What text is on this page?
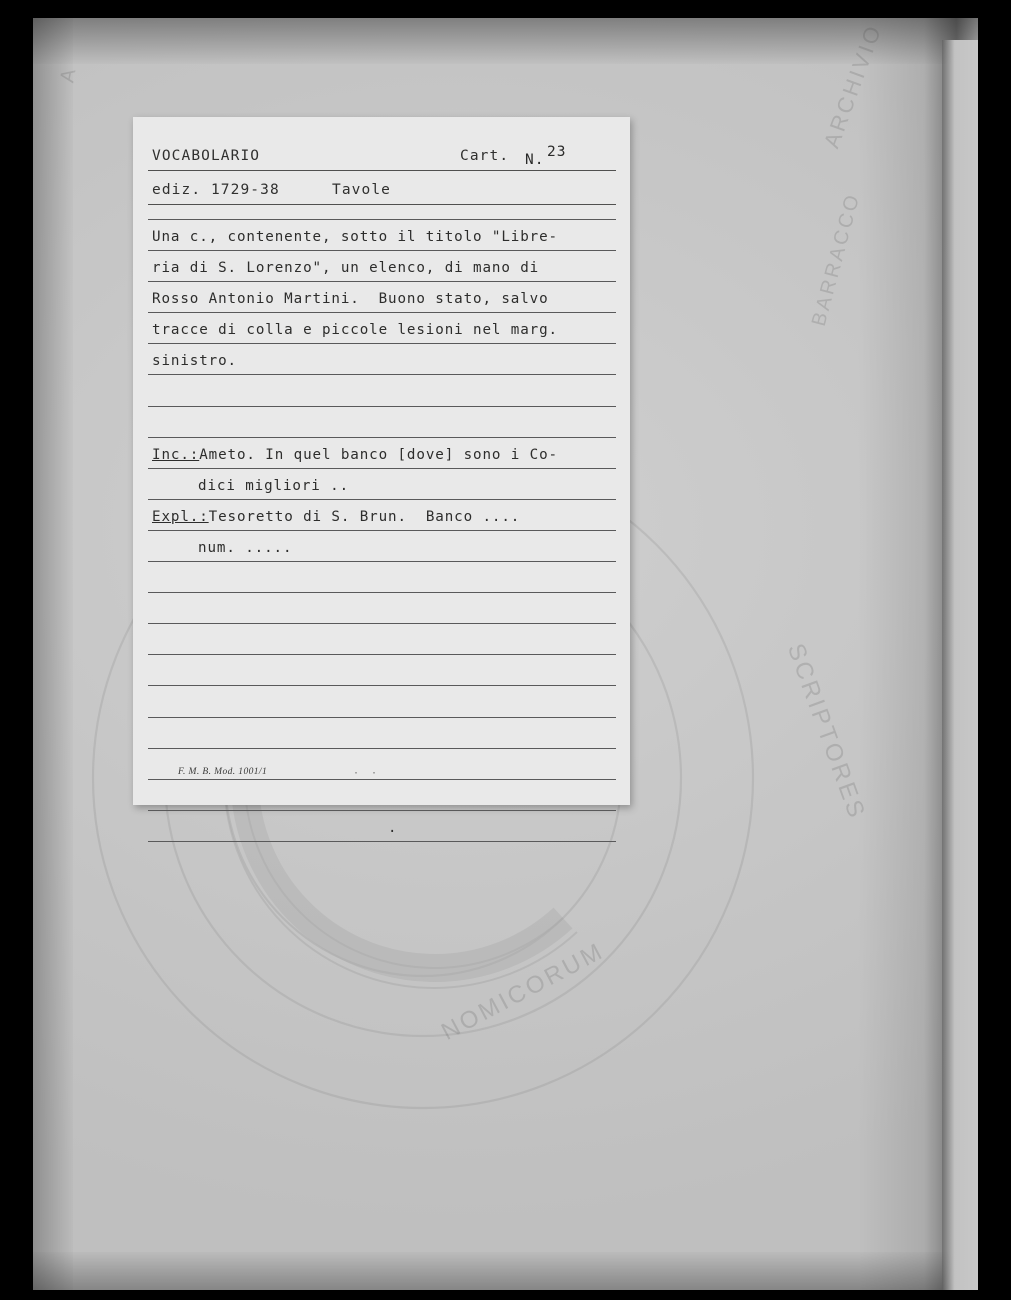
ARCHIVIO
BARRACCO
A
NOMICORUM
SCRIPTORES
VOCABOLARIO	Cart. N. 23
ediz. 1729-38	Tavole
Una c., contenente, sotto il titolo "Libre-
ria di S. Lorenzo", un elenco, di mano di
Rosso Antonio Martini.  Buono stato, salvo
tracce di colla e piccole lesioni nel marg.
sinistro.
Inc.:Ameto. In quel banco [dove] sono i Co-
dici migliori ..
Expl.:Tesoretto di S. Brun.  Banco ....
num. .....
.
F. M. B. Mod. 1001/1	· ·
